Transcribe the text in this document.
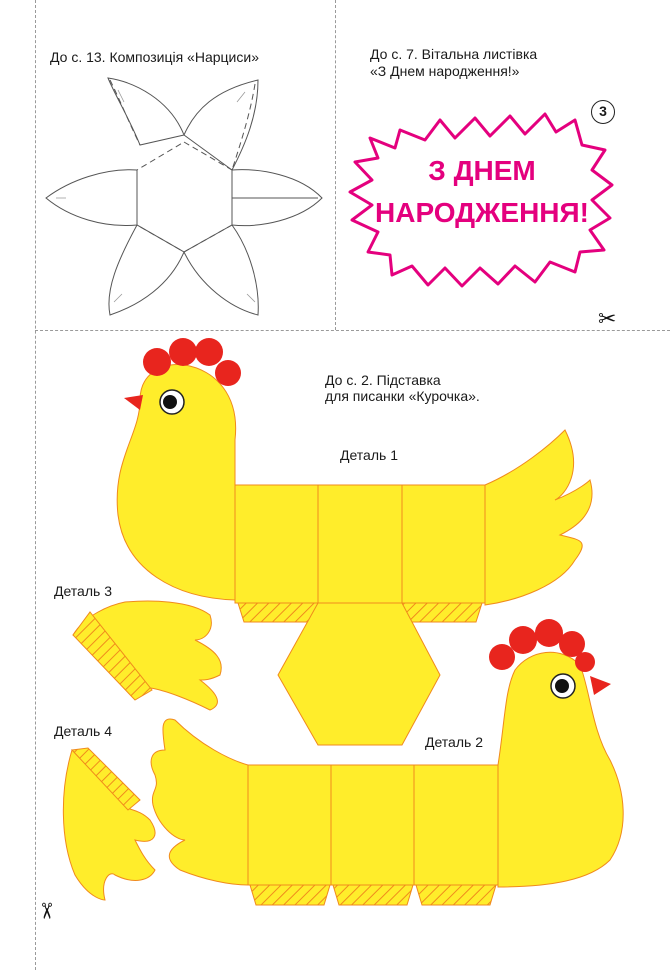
До с. 13. Композиція «Нарциси»	До с. 7. Вітальна листівка
«З Днем народження!»
3
До с. 2. Підставка
для писанки «Курочка».
Деталь 1
Деталь 3
Деталь 4
Деталь 2
З ДНЕМ
НАРОДЖЕННЯ!
✂
✂
